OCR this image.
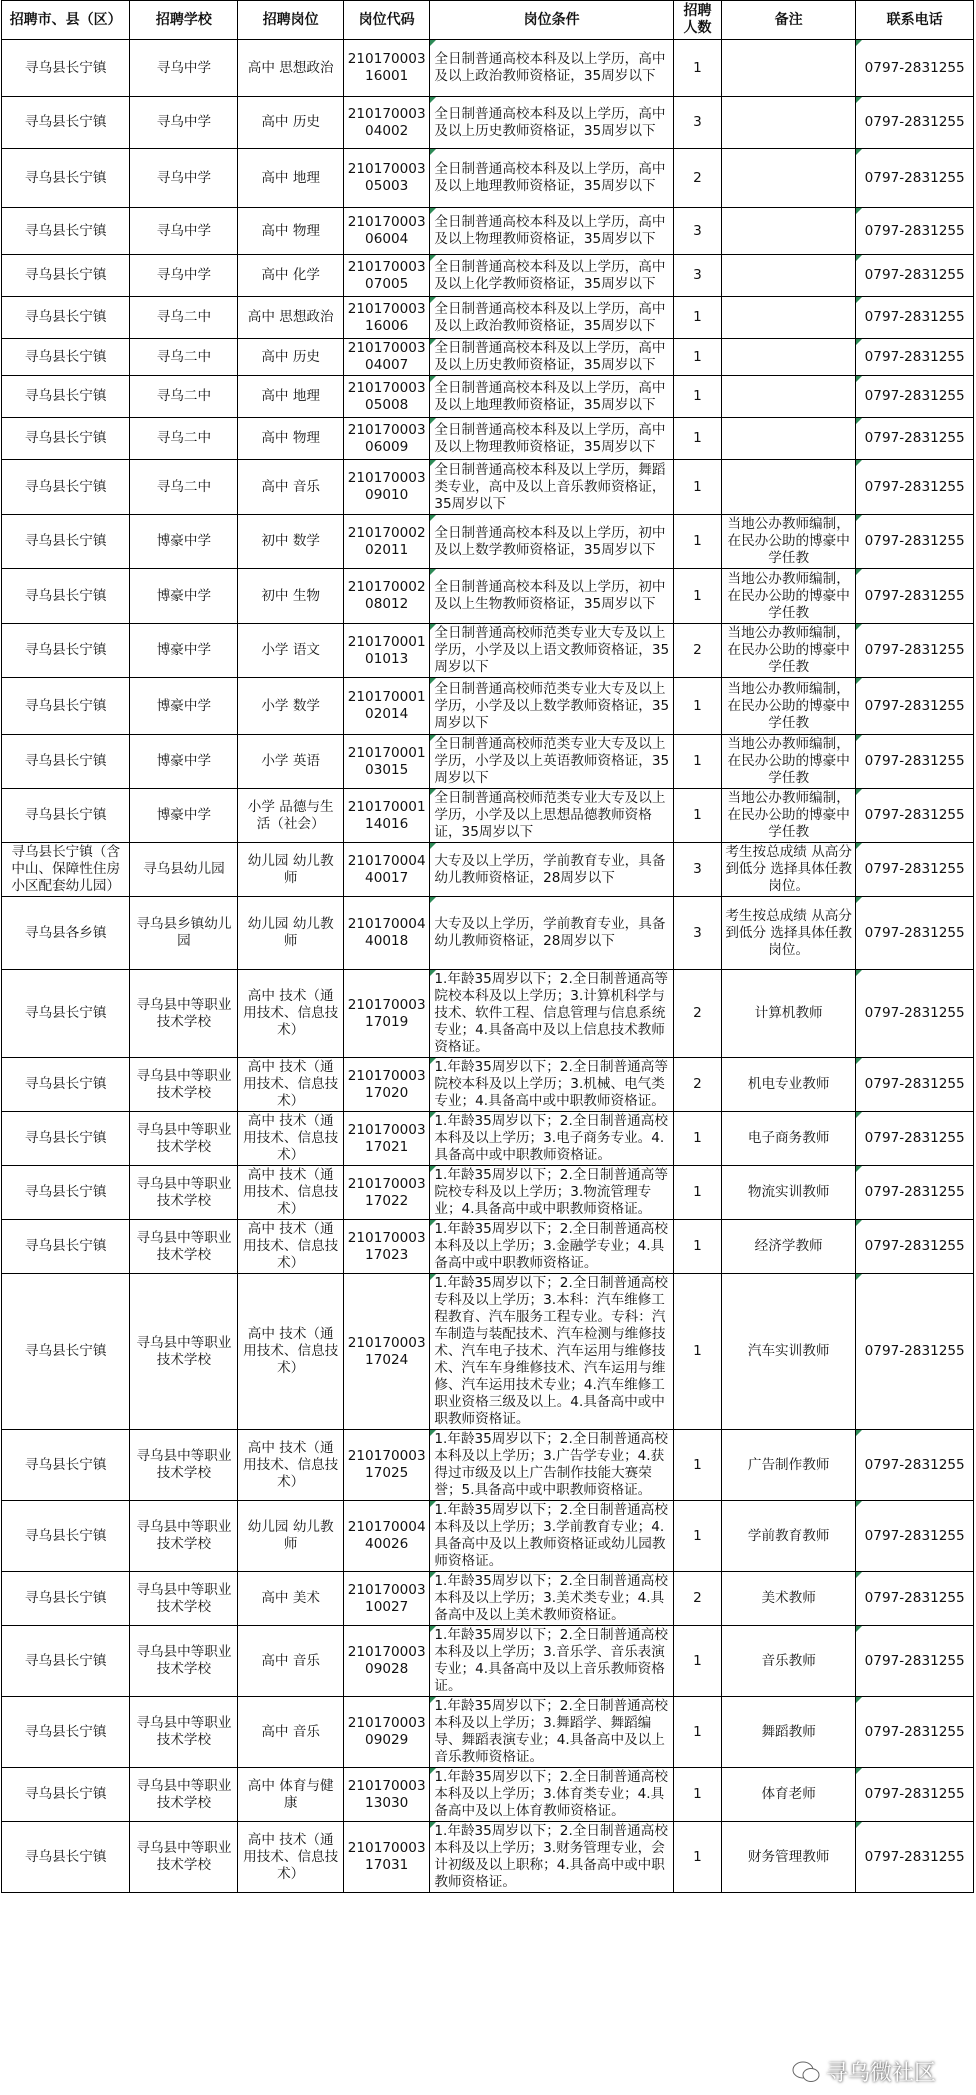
招聘市、县（区）	招聘学校	招聘岗位	岗位代码	岗位条件	招聘人数	备注	联系电话
寻乌县长宁镇	寻乌中学	高中 思想政治	21017000316001	全日制普通高校本科及以上学历，高中及以上政治教师资格证，35周岁以下	1		0797-2831255
寻乌县长宁镇	寻乌中学	高中 历史	21017000304002	全日制普通高校本科及以上学历，高中及以上历史教师资格证，35周岁以下	3		0797-2831255
寻乌县长宁镇	寻乌中学	高中 地理	21017000305003	全日制普通高校本科及以上学历，高中及以上地理教师资格证，35周岁以下	2		0797-2831255
寻乌县长宁镇	寻乌中学	高中 物理	21017000306004	全日制普通高校本科及以上学历，高中及以上物理教师资格证，35周岁以下	3		0797-2831255
寻乌县长宁镇	寻乌中学	高中 化学	21017000307005	全日制普通高校本科及以上学历，高中及以上化学教师资格证，35周岁以下	3		0797-2831255
寻乌县长宁镇	寻乌二中	高中 思想政治	21017000316006	全日制普通高校本科及以上学历，高中及以上政治教师资格证，35周岁以下	1		0797-2831255
寻乌县长宁镇	寻乌二中	高中 历史	21017000304007	全日制普通高校本科及以上学历，高中及以上历史教师资格证，35周岁以下	1		0797-2831255
寻乌县长宁镇	寻乌二中	高中 地理	21017000305008	全日制普通高校本科及以上学历，高中及以上地理教师资格证，35周岁以下	1		0797-2831255
寻乌县长宁镇	寻乌二中	高中 物理	21017000306009	全日制普通高校本科及以上学历，高中及以上物理教师资格证，35周岁以下	1		0797-2831255
寻乌县长宁镇	寻乌二中	高中 音乐	21017000309010	全日制普通高校本科及以上学历，舞蹈类专业，高中及以上音乐教师资格证，35周岁以下	1		0797-2831255
寻乌县长宁镇	博豪中学	初中 数学	21017000202011	全日制普通高校本科及以上学历，初中及以上数学教师资格证，35周岁以下	1	当地公办教师编制，在民办公助的博豪中学任教	0797-2831255
寻乌县长宁镇	博豪中学	初中 生物	21017000208012	全日制普通高校本科及以上学历，初中及以上生物教师资格证，35周岁以下	1	当地公办教师编制，在民办公助的博豪中学任教	0797-2831255
寻乌县长宁镇	博豪中学	小学 语文	21017000101013	全日制普通高校师范类专业大专及以上学历，小学及以上语文教师资格证，35周岁以下	2	当地公办教师编制，在民办公助的博豪中学任教	0797-2831255
寻乌县长宁镇	博豪中学	小学 数学	21017000102014	全日制普通高校师范类专业大专及以上学历，小学及以上数学教师资格证，35周岁以下	1	当地公办教师编制，在民办公助的博豪中学任教	0797-2831255
寻乌县长宁镇	博豪中学	小学 英语	21017000103015	全日制普通高校师范类专业大专及以上学历，小学及以上英语教师资格证，35周岁以下	1	当地公办教师编制，在民办公助的博豪中学任教	0797-2831255
寻乌县长宁镇	博豪中学	小学 品德与生活（社会）	21017000114016	全日制普通高校师范类专业大专及以上学历，小学及以上思想品德教师资格证，35周岁以下	1	当地公办教师编制，在民办公助的博豪中学任教	0797-2831255
寻乌县长宁镇（含中山、保障性住房小区配套幼儿园）	寻乌县幼儿园	幼儿园 幼儿教师	21017000440017	大专及以上学历，学前教育专业，具备幼儿教师资格证，28周岁以下	3	考生按总成绩 从高分到低分 选择具体任教岗位。	0797-2831255
寻乌县各乡镇	寻乌县乡镇幼儿园	幼儿园 幼儿教师	21017000440018	大专及以上学历，学前教育专业，具备幼儿教师资格证，28周岁以下	3	考生按总成绩 从高分到低分 选择具体任教岗位。	0797-2831255
寻乌县长宁镇	寻乌县中等职业技术学校	高中 技术（通用技术、信息技术）	21017000317019	1.年龄35周岁以下；2.全日制普通高等院校本科及以上学历；3.计算机科学与技术、软件工程、信息管理与信息系统专业；4.具备高中及以上信息技术教师资格证。	2	计算机教师	0797-2831255
寻乌县长宁镇	寻乌县中等职业技术学校	高中 技术（通用技术、信息技术）	21017000317020	1.年龄35周岁以下；2.全日制普通高等院校本科及以上学历；3.机械、电气类专业；4.具备高中或中职教师资格证。	2	机电专业教师	0797-2831255
寻乌县长宁镇	寻乌县中等职业技术学校	高中 技术（通用技术、信息技术）	21017000317021	1.年龄35周岁以下；2.全日制普通高校本科及以上学历；3.电子商务专业。4.具备高中或中职教师资格证。	1	电子商务教师	0797-2831255
寻乌县长宁镇	寻乌县中等职业技术学校	高中 技术（通用技术、信息技术）	21017000317022	1.年龄35周岁以下；2.全日制普通高等院校专科及以上学历；3.物流管理专业；4.具备高中或中职教师资格证。	1	物流实训教师	0797-2831255
寻乌县长宁镇	寻乌县中等职业技术学校	高中 技术（通用技术、信息技术）	21017000317023	1.年龄35周岁以下；2.全日制普通高校本科及以上学历；3.金融学专业；4.具备高中或中职教师资格证。	1	经济学教师	0797-2831255
寻乌县长宁镇	寻乌县中等职业技术学校	高中 技术（通用技术、信息技术）	21017000317024	1.年龄35周岁以下；2.全日制普通高校专科及以上学历；3.本科：汽车维修工程教育、汽车服务工程专业。专科：汽车制造与装配技术、汽车检测与维修技术、汽车电子技术、汽车运用与维修技术、汽车车身维修技术、汽车运用与维修、汽车运用技术专业；4.汽车维修工职业资格三级及以上。4.具备高中或中职教师资格证。	1	汽车实训教师	0797-2831255
寻乌县长宁镇	寻乌县中等职业技术学校	高中 技术（通用技术、信息技术）	21017000317025	1.年龄35周岁以下；2.全日制普通高校本科及以上学历；3.广告学专业；4.获得过市级及以上广告制作技能大赛荣誉；5.具备高中或中职教师资格证。	1	广告制作教师	0797-2831255
寻乌县长宁镇	寻乌县中等职业技术学校	幼儿园 幼儿教师	21017000440026	1.年龄35周岁以下；2.全日制普通高校本科及以上学历；3.学前教育专业；4.具备高中及以上教师资格证或幼儿园教师资格证。	1	学前教育教师	0797-2831255
寻乌县长宁镇	寻乌县中等职业技术学校	高中 美术	21017000310027	1.年龄35周岁以下；2.全日制普通高校本科及以上学历；3.美术类专业；4.具备高中及以上美术教师资格证。	2	美术教师	0797-2831255
寻乌县长宁镇	寻乌县中等职业技术学校	高中 音乐	21017000309028	1.年龄35周岁以下；2.全日制普通高校本科及以上学历；3.音乐学、音乐表演专业；4.具备高中及以上音乐教师资格证。	1	音乐教师	0797-2831255
寻乌县长宁镇	寻乌县中等职业技术学校	高中 音乐	21017000309029	1.年龄35周岁以下；2.全日制普通高校本科及以上学历；3.舞蹈学、舞蹈编导、舞蹈表演专业；4.具备高中及以上音乐教师资格证。	1	舞蹈教师	0797-2831255
寻乌县长宁镇	寻乌县中等职业技术学校	高中 体育与健康	21017000313030	1.年龄35周岁以下；2.全日制普通高校本科及以上学历；3.体育类专业；4.具备高中及以上体育教师资格证。	1	体育老师	0797-2831255
寻乌县长宁镇	寻乌县中等职业技术学校	高中 技术（通用技术、信息技术）	21017000317031	1.年龄35周岁以下；2.全日制普通高校本科及以上学历；3.财务管理专业，会计初级及以上职称；4.具备高中或中职教师资格证。	1	财务管理教师	0797-2831255
寻乌微社区
